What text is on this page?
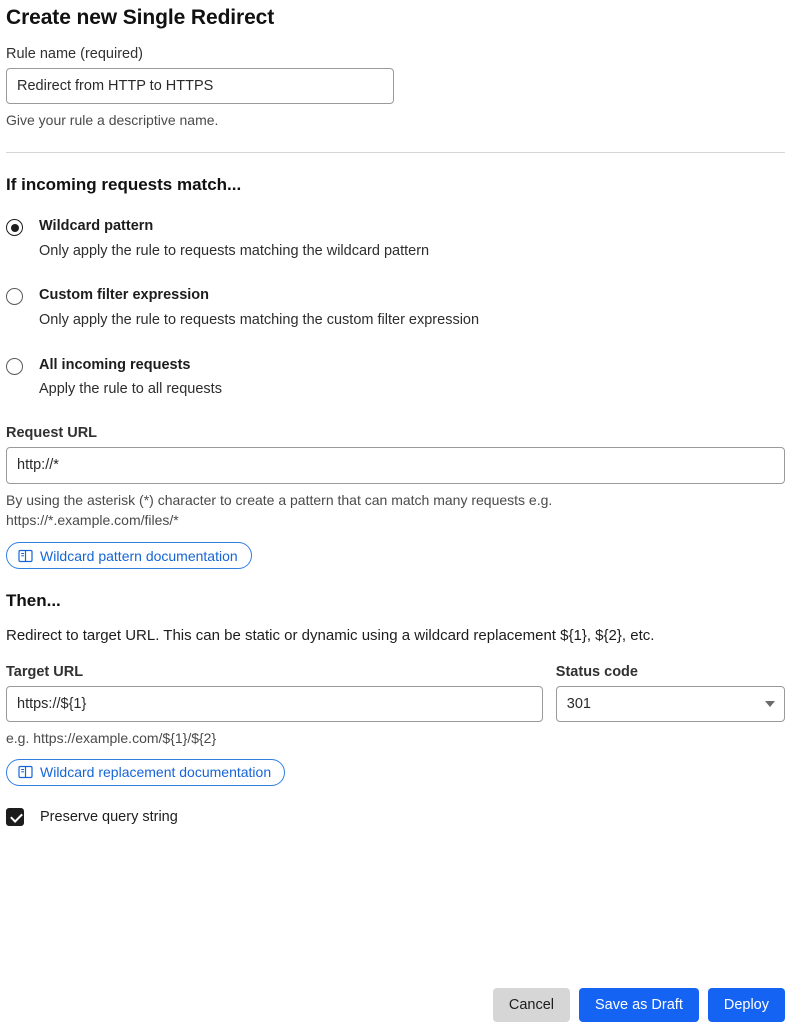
Create new Single Redirect
Rule name (required)
Redirect from HTTP to HTTPS
Give your rule a descriptive name.
If incoming requests match...
Wildcard pattern
Only apply the rule to requests matching the wildcard pattern
Custom filter expression
Only apply the rule to requests matching the custom filter expression
All incoming requests
Apply the rule to all requests
Request URL
http://*
By using the asterisk (*) character to create a pattern that can match many requests e.g. https://*.example.com/files/*
Wildcard pattern documentation
Then...
Redirect to target URL. This can be static or dynamic using a wildcard replacement ${1}, ${2}, etc.
Target URL
https://${1}
e.g. https://example.com/${1}/${2}
Status code
301
Wildcard replacement documentation
Preserve query string
Cancel	Save as Draft	Deploy
